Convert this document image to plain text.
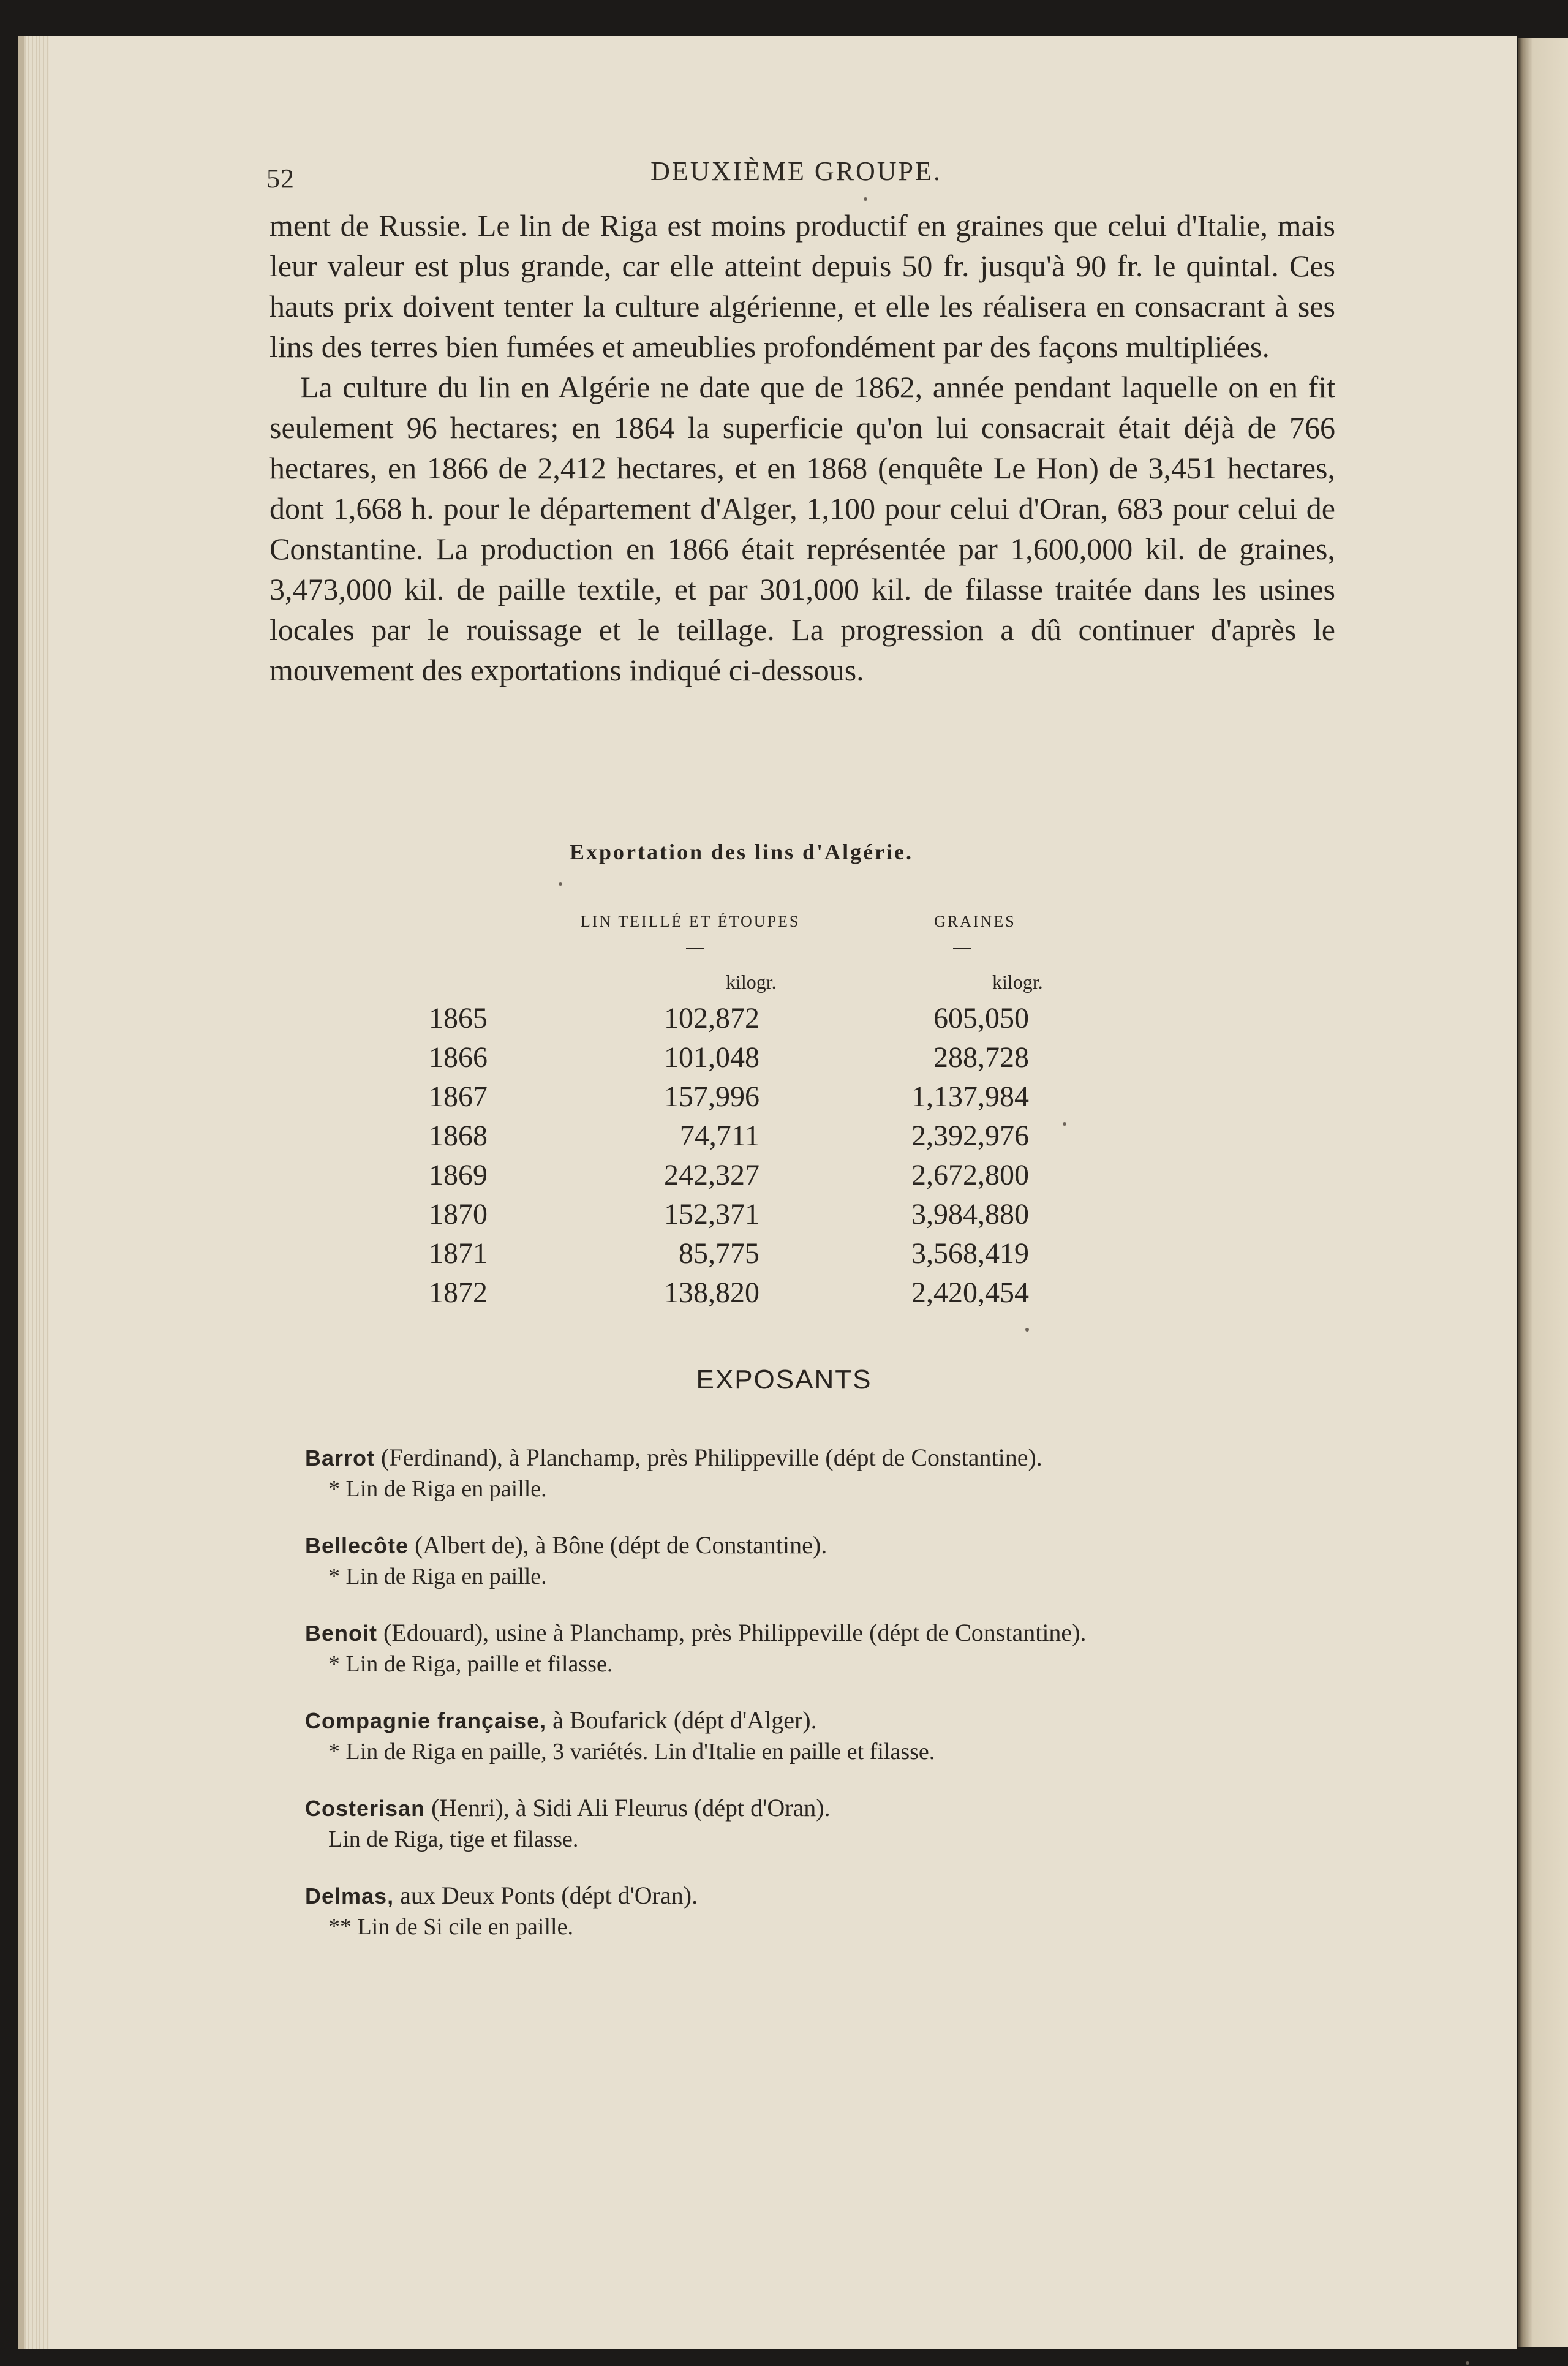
52	DEUXIÈME GROUPE.

ment de Russie. Le lin de Riga est moins productif en graines que celui d'Italie, mais leur valeur est plus grande, car elle atteint depuis 50 fr. jusqu'à 90 fr. le quintal. Ces hauts prix doivent tenter la culture algérienne, et elle les réalisera en consacrant à ses lins des terres bien fumées et ameublies profondément par des façons multipliées.

La culture du lin en Algérie ne date que de 1862, année pendant laquelle on en fit seulement 96 hectares; en 1864 la superficie qu'on lui consacrait était déjà de 766 hectares, en 1866 de 2,412 hectares, et en 1868 (enquête Le Hon) de 3,451 hectares, dont 1,668 h. pour le département d'Alger, 1,100 pour celui d'Oran, 683 pour celui de Constantine. La production en 1866 était représentée par 1,600,000 kil. de graines, 3,473,000 kil. de paille textile, et par 301,000 kil. de filasse traitée dans les usines locales par le rouissage et le teillage. La progression a dû continuer d'après le mouvement des exportations indiqué ci-dessous.

Exportation des lins d'Algérie.
LIN TEILLÉ ET ÉTOUPES	GRAINES
kilogr.	kilogr.
1865	102,872	605,050
1866	101,048	288,728
1867	157,996	1,137,984
1868	74,711	2,392,976
1869	242,327	2,672,800
1870	152,371	3,984,880
1871	85,775	3,568,419
1872	138,820	2,420,454
EXPOSANTS
Barrot (Ferdinand), à Planchamp, près Philippeville (dépt de Constantine).
* Lin de Riga en paille.
Bellecôte (Albert de), à Bône (dépt de Constantine).
* Lin de Riga en paille.
Benoit (Edouard), usine à Planchamp, près Philippeville (dépt de Constantine).
* Lin de Riga, paille et filasse.
Compagnie française, à Boufarick (dépt d'Alger).
* Lin de Riga en paille, 3 variétés. Lin d'Italie en paille et filasse.
Costerisan (Henri), à Sidi Ali Fleurus (dépt d'Oran).
Lin de Riga, tige et filasse.
Delmas, aux Deux Ponts (dépt d'Oran).
** Lin de Si cile en paille.
